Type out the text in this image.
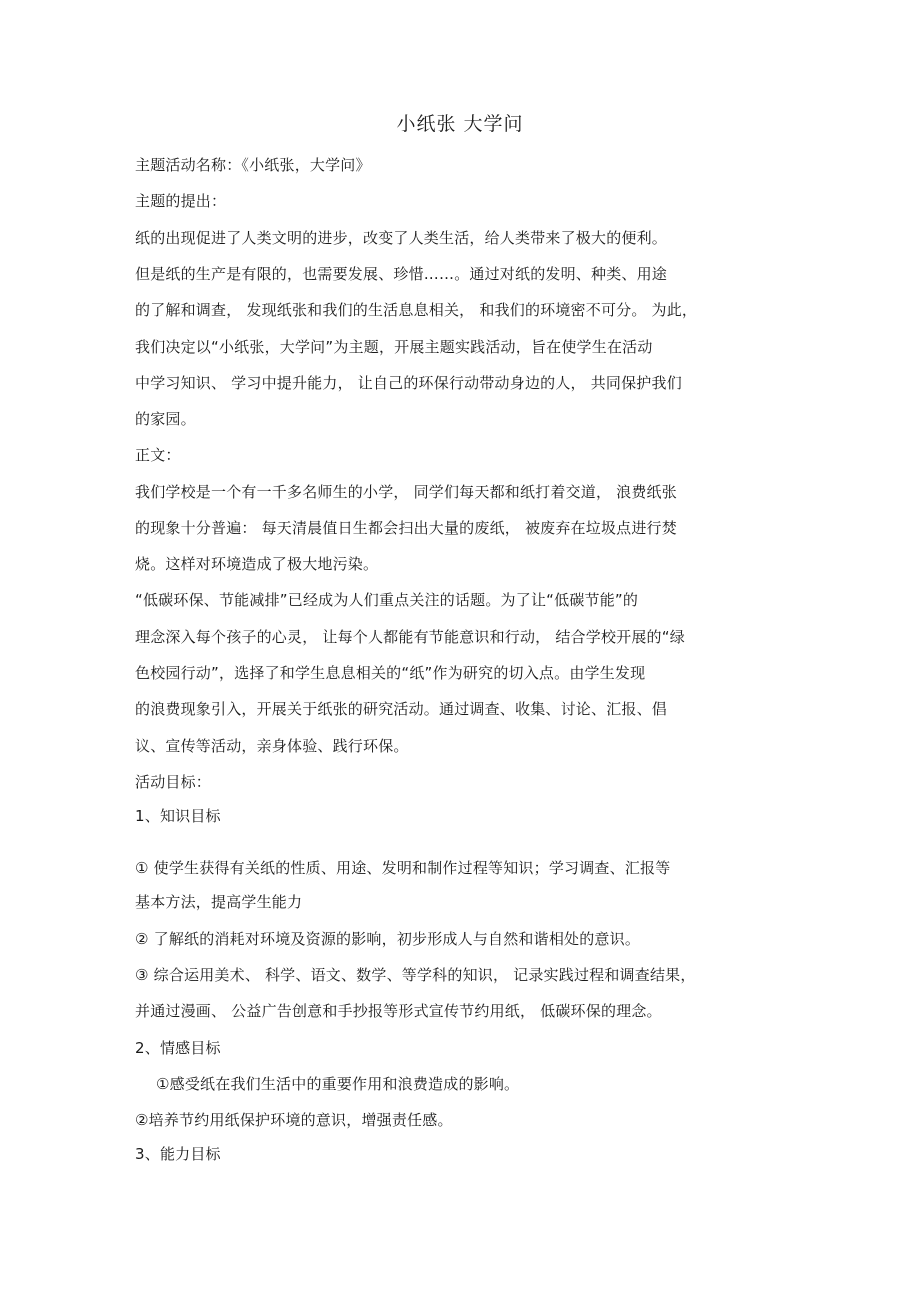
小纸张 大学问
主题活动名称：《小纸张，大学问》
主题的提出：
纸的出现促进了人类文明的进步，改变了人类生活，给人类带来了极大的便利。
但是纸的生产是有限的，也需要发展、珍惜……。通过对纸的发明、种类、用途
的了解和调查， 发现纸张和我们的生活息息相关， 和我们的环境密不可分。 为此，
我们决定以“小纸张，大学问”为主题，开展主题实践活动，旨在使学生在活动
中学习知识、 学习中提升能力， 让自己的环保行动带动身边的人， 共同保护我们
的家园。
正文：
我们学校是一个有一千多名师生的小学， 同学们每天都和纸打着交道， 浪费纸张
的现象十分普遍： 每天清晨值日生都会扫出大量的废纸， 被废弃在垃圾点进行焚
烧。这样对环境造成了极大地污染。
“低碳环保、节能减排”已经成为人们重点关注的话题。为了让“低碳节能”的
理念深入每个孩子的心灵， 让每个人都能有节能意识和行动， 结合学校开展的“绿
色校园行动”，选择了和学生息息相关的“纸”作为研究的切入点。由学生发现
的浪费现象引入，开展关于纸张的研究活动。通过调查、收集、讨论、汇报、倡
议、宣传等活动，亲身体验、践行环保。
活动目标：
1、知识目标
① 使学生获得有关纸的性质、用途、发明和制作过程等知识；学习调查、汇报等
基本方法，提高学生能力
② 了解纸的消耗对环境及资源的影响，初步形成人与自然和谐相处的意识。
③ 综合运用美术、 科学、语文、数学、等学科的知识， 记录实践过程和调查结果，
并通过漫画、 公益广告创意和手抄报等形式宣传节约用纸， 低碳环保的理念。
2、情感目标
①感受纸在我们生活中的重要作用和浪费造成的影响。
②培养节约用纸保护环境的意识，增强责任感。
3、能力目标
